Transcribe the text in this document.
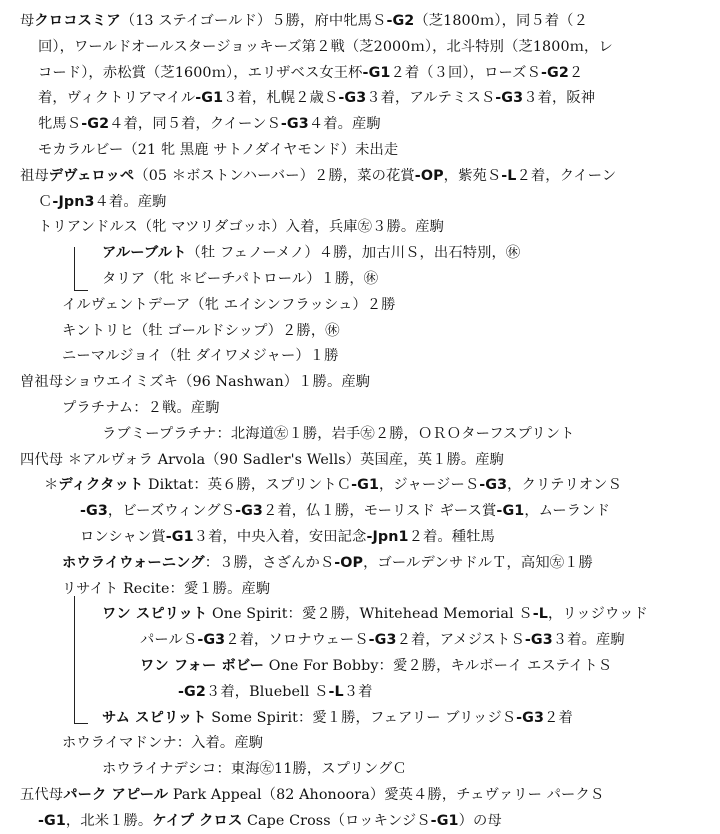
母クロコスミア（13 ステイゴールド）５勝，府中牝馬Ｓ-G2（芝1800ｍ），同５着（２
回），ワールドオールスタージョッキーズ第２戦（芝2000ｍ），北斗特別（芝1800ｍ，レ
コード），赤松賞（芝1600ｍ），エリザベス女王杯-G1２着（３回），ローズＳ-G2２
着，ヴィクトリアマイル-G1３着，札幌２歳Ｓ-G3３着，アルテミスＳ-G3３着，阪神
牝馬Ｓ-G2４着，同５着，クイーンＳ-G3４着。産駒
モカラルビー（21 牝 黒鹿 サトノダイヤモンド）未出走
祖母デヴェロッペ（05 ＊ボストンハーバー）２勝，菜の花賞-OP，紫苑Ｓ-L２着，クイーン
Ｃ-Jpn3４着。産駒
トリアンドルス（牝 マツリダゴッホ）入着，兵庫㊧３勝。産駒
アルーブルト（牡 フェノーメノ）４勝，加古川Ｓ，出石特別，㊡
タリア（牝 ＊ビーチパトロール）１勝，㊡
イルヴェントデーア（牝 エイシンフラッシュ）２勝
キントリヒ（牡 ゴールドシップ）２勝，㊡
ニーマルジョイ（牡 ダイワメジャー）１勝
曽祖母ショウエイミズキ（96 Nashwan）１勝。産駒
プラチナム：２戦。産駒
ラブミープラチナ：北海道㊧１勝，岩手㊧２勝，ＯＲＯターフスプリント
四代母 ＊アルヴォラ Arvola（90 Sadler's Wells）英国産，英１勝。産駒
＊ディクタット Diktat：英６勝，スプリントＣ-G1，ジャージーＳ-G3，クリテリオンＳ
-G3，ビーズウィングＳ-G3２着，仏１勝，モーリスド ギース賞-G1，ムーランド
ロンシャン賞-G1３着，中央入着，安田記念-Jpn1２着。種牡馬
ホウライウォーニング：３勝，さざんかＳ-OP，ゴールデンサドルＴ，高知㊧１勝
リサイト Recite：愛１勝。産駒
ワン スピリット One Spirit：愛２勝，Whitehead Memorial Ｓ-L，リッジウッド
パールＳ-G3２着，ソロナウェーＳ-G3２着，アメジストＳ-G3３着。産駒
ワン フォー ボビー One For Bobby：愛２勝，キルボーイ エステイトＳ
-G2３着，Bluebell Ｓ-L３着
サム スピリット Some Spirit：愛１勝，フェアリー ブリッジＳ-G3２着
ホウライマドンナ：入着。産駒
ホウライナデシコ：東海㊧11勝，スプリングＣ
五代母パーク アピール Park Appeal（82 Ahonoora）愛英４勝，チェヴァリー パークＳ
-G1，北米１勝。ケイプ クロス Cape Cross（ロッキンジＳ-G1）の母
